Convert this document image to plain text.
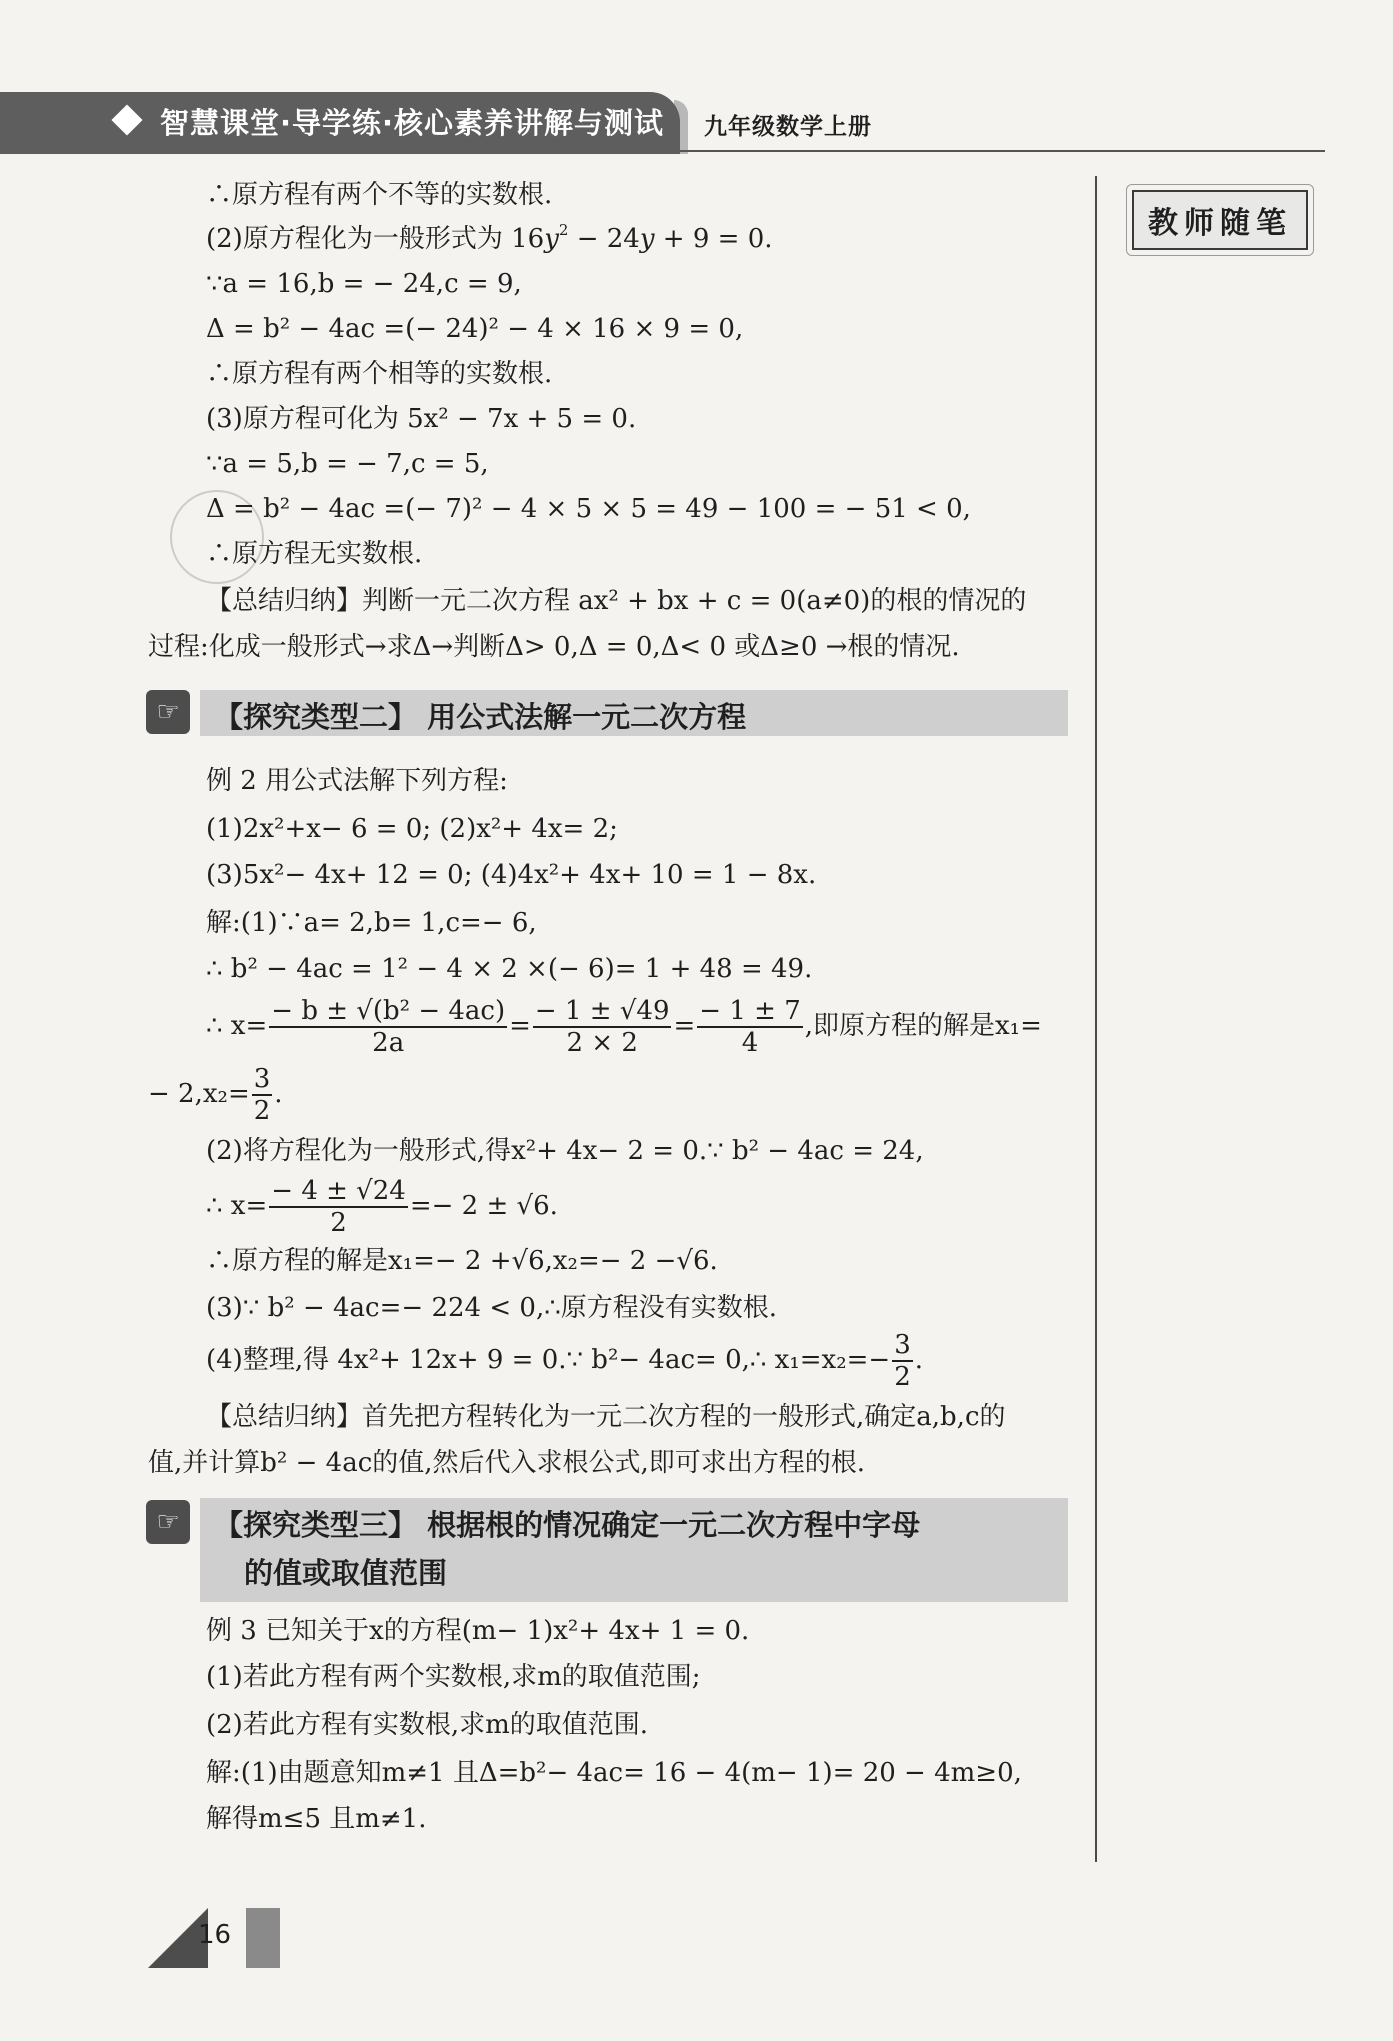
智慧课堂·导学练·核心素养讲解与测试 九年级数学上册
教师随笔
∴原方程有两个不等的实数根.
(2)原方程化为一般形式为 $16y^2 - 24y + 9 = 0$.
∵a = 16,b = − 24,c = 9,
Δ = b² − 4ac =(− 24)² − 4 × 16 × 9 = 0,
∴原方程有两个相等的实数根.
(3)原方程可化为 5x² − 7x + 5 = 0.
∵a = 5,b = − 7,c = 5,
Δ = b² − 4ac =(− 7)² − 4 × 5 × 5 = 49 − 100 = − 51 < 0,
∴原方程无实数根.
【总结归纳】判断一元二次方程 ax² + bx + c = 0(a≠0)的根的情况的
过程:化成一般形式→求Δ→判断Δ> 0,Δ = 0,Δ< 0 或Δ≥0 →根的情况.
☞	【探究类型二】 用公式法解一元二次方程
例 2 用公式法解下列方程:
(1)2x²+x− 6 = 0; (2)x²+ 4x= 2;
(3)5x²− 4x+ 12 = 0; (4)4x²+ 4x+ 10 = 1 − 8x.
解:(1)∵a= 2,b= 1,c=− 6,
∴ b² − 4ac = 1² − 4 × 2 ×(− 6)= 1 + 48 = 49.
∴ $x= \frac{\text{− b ± √(b² − 4ac)}}{2a} = \frac{- 1 \pm √49}{2 \times 2} = \frac{- 1 \pm 7}{4}$ ,即原方程的解是x₁=
− $2,x_2= \frac{3}{2}$ .
(2)将方程化为一般形式,得x²+ 4x− 2 = 0.∵ b² − 4ac = 24,
∴ $x= \frac{- 4 \pm √24}{2} =- 2 \pm √6$.
∴原方程的解是x₁=− 2 +√6,x₂=− 2 −√6.
(3)∵ b² − 4ac=− 224 < 0,∴原方程没有实数根.
(4)整理,得 4x²+ 12x+ 9 = 0.∵ b²− 4ac= 0,∴ $x_1=x_2=- \frac{3}{2}$ .
【总结归纳】首先把方程转化为一元二次方程的一般形式,确定a,b,c的
值,并计算b² − 4ac的值,然后代入求根公式,即可求出方程的根.
☞	【探究类型三】 根据根的情况确定一元二次方程中字母
的值或取值范围
例 3 已知关于x的方程(m− 1)x²+ 4x+ 1 = 0.
(1)若此方程有两个实数根,求m的取值范围;
(2)若此方程有实数根,求m的取值范围.
解:(1)由题意知m≠1 且Δ=b²− 4ac= 16 − 4(m− 1)= 20 − 4m≥0,
解得m≤5 且m≠1.
16
